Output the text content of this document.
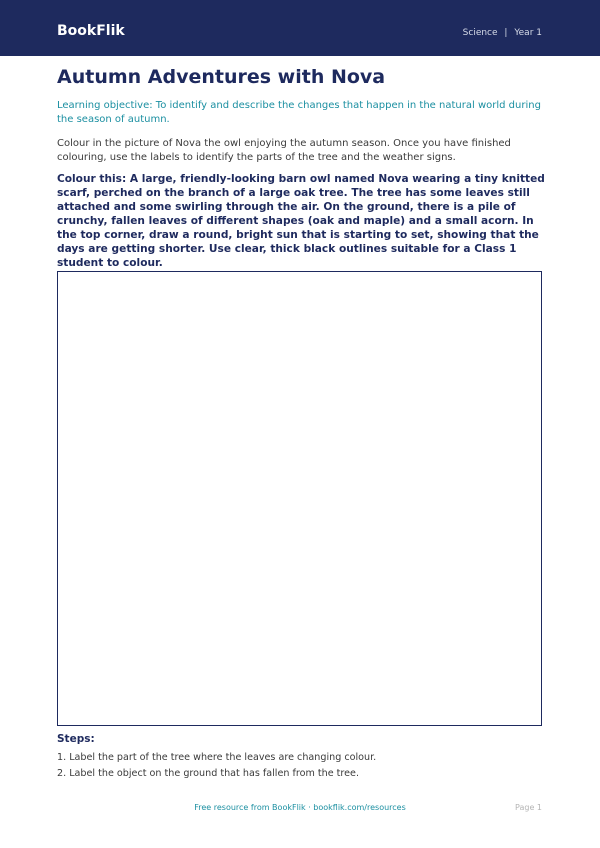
BookFlik	Science | Year 1
Autumn Adventures with Nova

Learning objective: To identify and describe the changes that happen in the natural world during the season of autumn.

Colour in the picture of Nova the owl enjoying the autumn season. Once you have finished colouring, use the labels to identify the parts of the tree and the weather signs.

Colour this: A large, friendly-looking barn owl named Nova wearing a tiny knitted scarf, perched on the branch of a large oak tree. The tree has some leaves still attached and some swirling through the air. On the ground, there is a pile of crunchy, fallen leaves of different shapes (oak and maple) and a small acorn. In the top corner, draw a round, bright sun that is starting to set, showing that the days are getting shorter. Use clear, thick black outlines suitable for a Class 1 student to colour.

Steps:

1. Label the part of the tree where the leaves are changing colour.
2. Label the object on the ground that has fallen from the tree.
Free resource from BookFlik · bookflik.com/resources	Page 1
